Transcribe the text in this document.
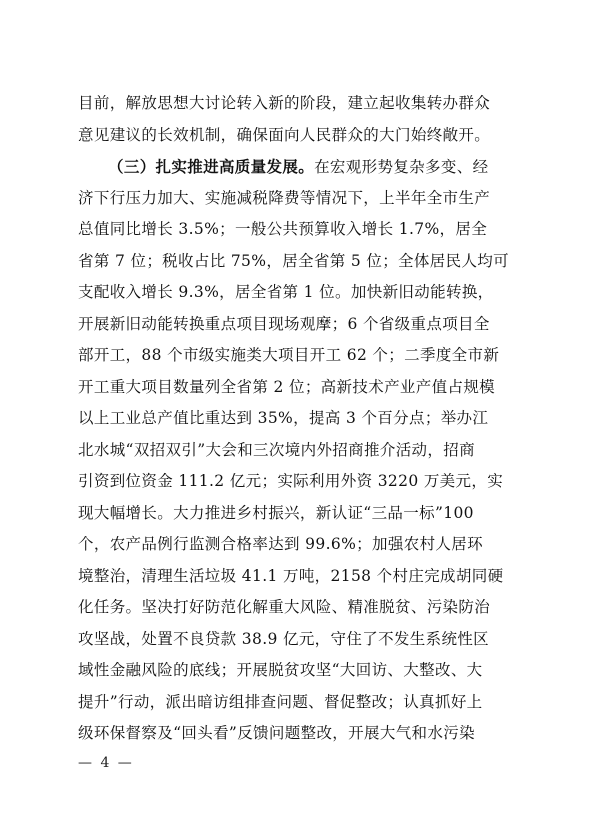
目前，解放思想大讨论转入新的阶段，建立起收集转办群众
意见建议的长效机制，确保面向人民群众的大门始终敞开。
（三）扎实推进高质量发展。在宏观形势复杂多变、经
济下行压力加大、实施减税降费等情况下，上半年全市生产
总值同比增长 3.5%；一般公共预算收入增长 1.7%，居全
省第 7 位；税收占比 75%，居全省第 5 位；全体居民人均可
支配收入增长 9.3%，居全省第 1 位。加快新旧动能转换，
开展新旧动能转换重点项目现场观摩；6 个省级重点项目全
部开工，88 个市级实施类大项目开工 62 个；二季度全市新
开工重大项目数量列全省第 2 位；高新技术产业产值占规模
以上工业总产值比重达到 35%，提高 3 个百分点；举办江
北水城“双招双引”大会和三次境内外招商推介活动，招商
引资到位资金 111.2 亿元；实际利用外资 3220 万美元，实
现大幅增长。大力推进乡村振兴，新认证“三品一标”100
个，农产品例行监测合格率达到 99.6%；加强农村人居环
境整治，清理生活垃圾 41.1 万吨，2158 个村庄完成胡同硬
化任务。坚决打好防范化解重大风险、精准脱贫、污染防治
攻坚战，处置不良贷款 38.9 亿元，守住了不发生系统性区
域性金融风险的底线；开展脱贫攻坚“大回访、大整改、大
提升”行动，派出暗访组排查问题、督促整改；认真抓好上
级环保督察及“回头看”反馈问题整改，开展大气和水污染
— 4 —
